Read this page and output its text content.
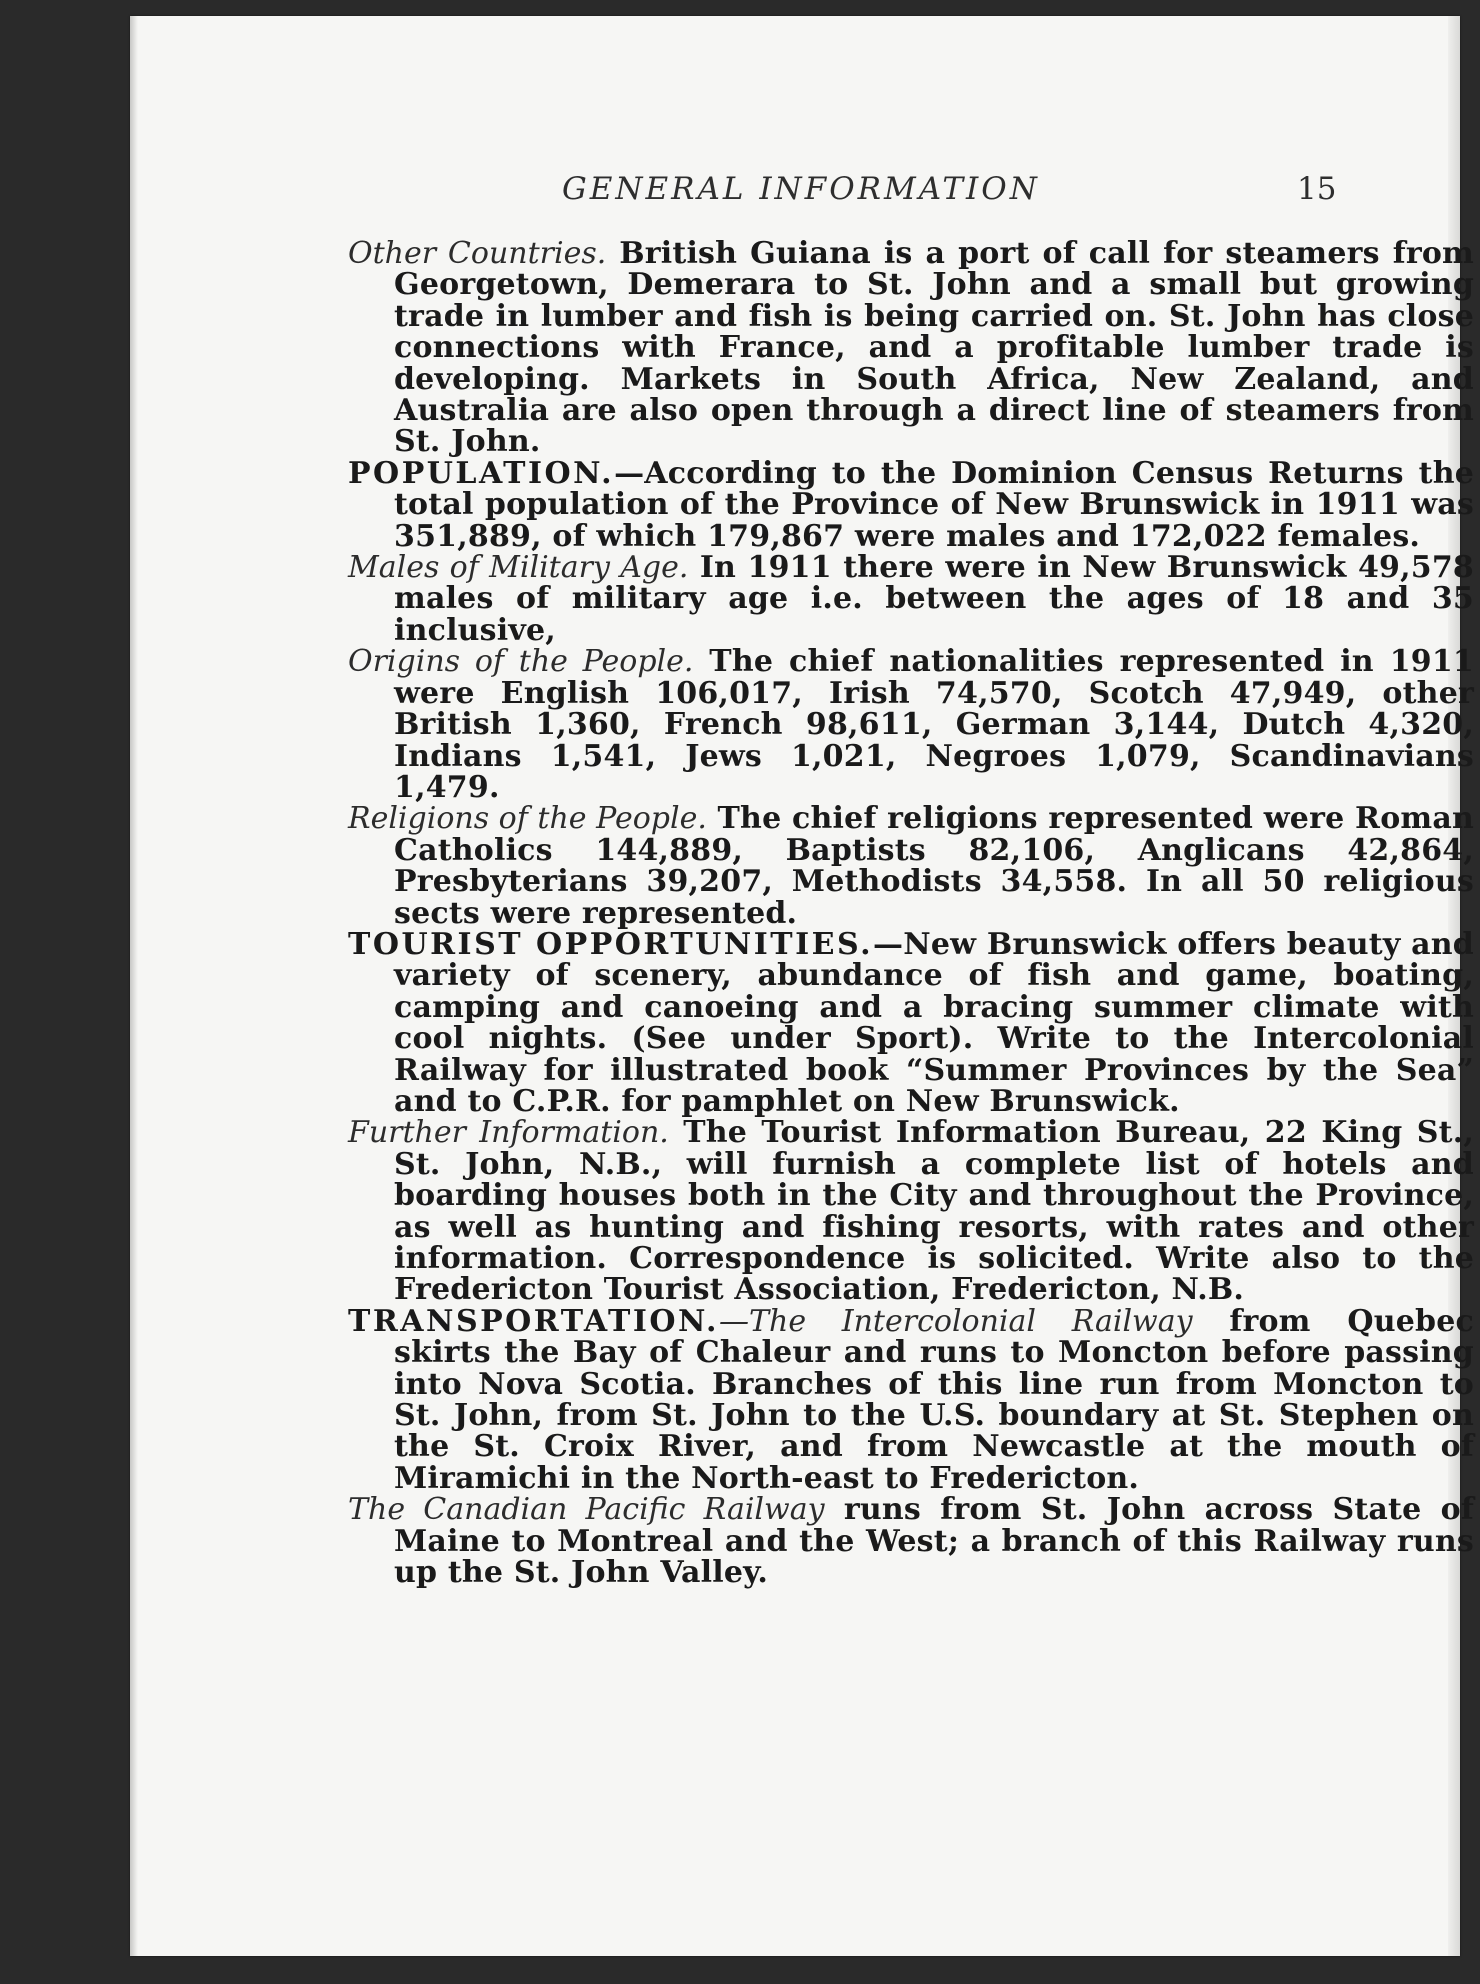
GENERAL INFORMATION	15

Other Countries. British Guiana is a port of call for steamers from Georgetown, Demerara to St. John and a small but growing trade in lumber and fish is being carried on. St. John has close connections with France, and a profitable lumber trade is developing. Markets in South Africa, New Zealand, and Australia are also open through a direct line of steamers from St. John.

POPULATION.—According to the Dominion Census Returns the total population of the Province of New Brunswick in 1911 was 351,889, of which 179,867 were males and 172,022 females.

Males of Military Age. In 1911 there were in New Brunswick 49,578 males of military age i.e. between the ages of 18 and 35 inclusive,

Origins of the People. The chief nationalities represented in 1911 were English 106,017, Irish 74,570, Scotch 47,949, other British 1,360, French 98,611, German 3,144, Dutch 4,320, Indians 1,541, Jews 1,021, Negroes 1,079, Scandinavians 1,479.

Religions of the People. The chief religions represented were Roman Catholics 144,889, Baptists 82,106, Anglicans 42,864, Presbyterians 39,207, Methodists 34,558. In all 50 religious sects were represented.

TOURIST OPPORTUNITIES.—New Brunswick offers beauty and variety of scenery, abundance of fish and game, boating, camping and canoeing and a bracing summer climate with cool nights. (See under Sport). Write to the Intercolonial Railway for illustrated book “Summer Provinces by the Sea” and to C.P.R. for pamphlet on New Brunswick.

Further Information. The Tourist Information Bureau, 22 King St., St. John, N.B., will furnish a complete list of hotels and boarding houses both in the City and throughout the Province, as well as hunting and fishing resorts, with rates and other information. Correspondence is solicited. Write also to the Fredericton Tourist Association, Fredericton, N.B.

TRANSPORTATION.—The Intercolonial Railway from Quebec skirts the Bay of Chaleur and runs to Moncton before passing into Nova Scotia. Branches of this line run from Moncton to St. John, from St. John to the U.S. boundary at St. Stephen on the St. Croix River, and from Newcastle at the mouth of Miramichi in the North-east to Fredericton.

The Canadian Pacific Railway runs from St. John across State of Maine to Montreal and the West; a branch of this Railway runs up the St. John Valley.
